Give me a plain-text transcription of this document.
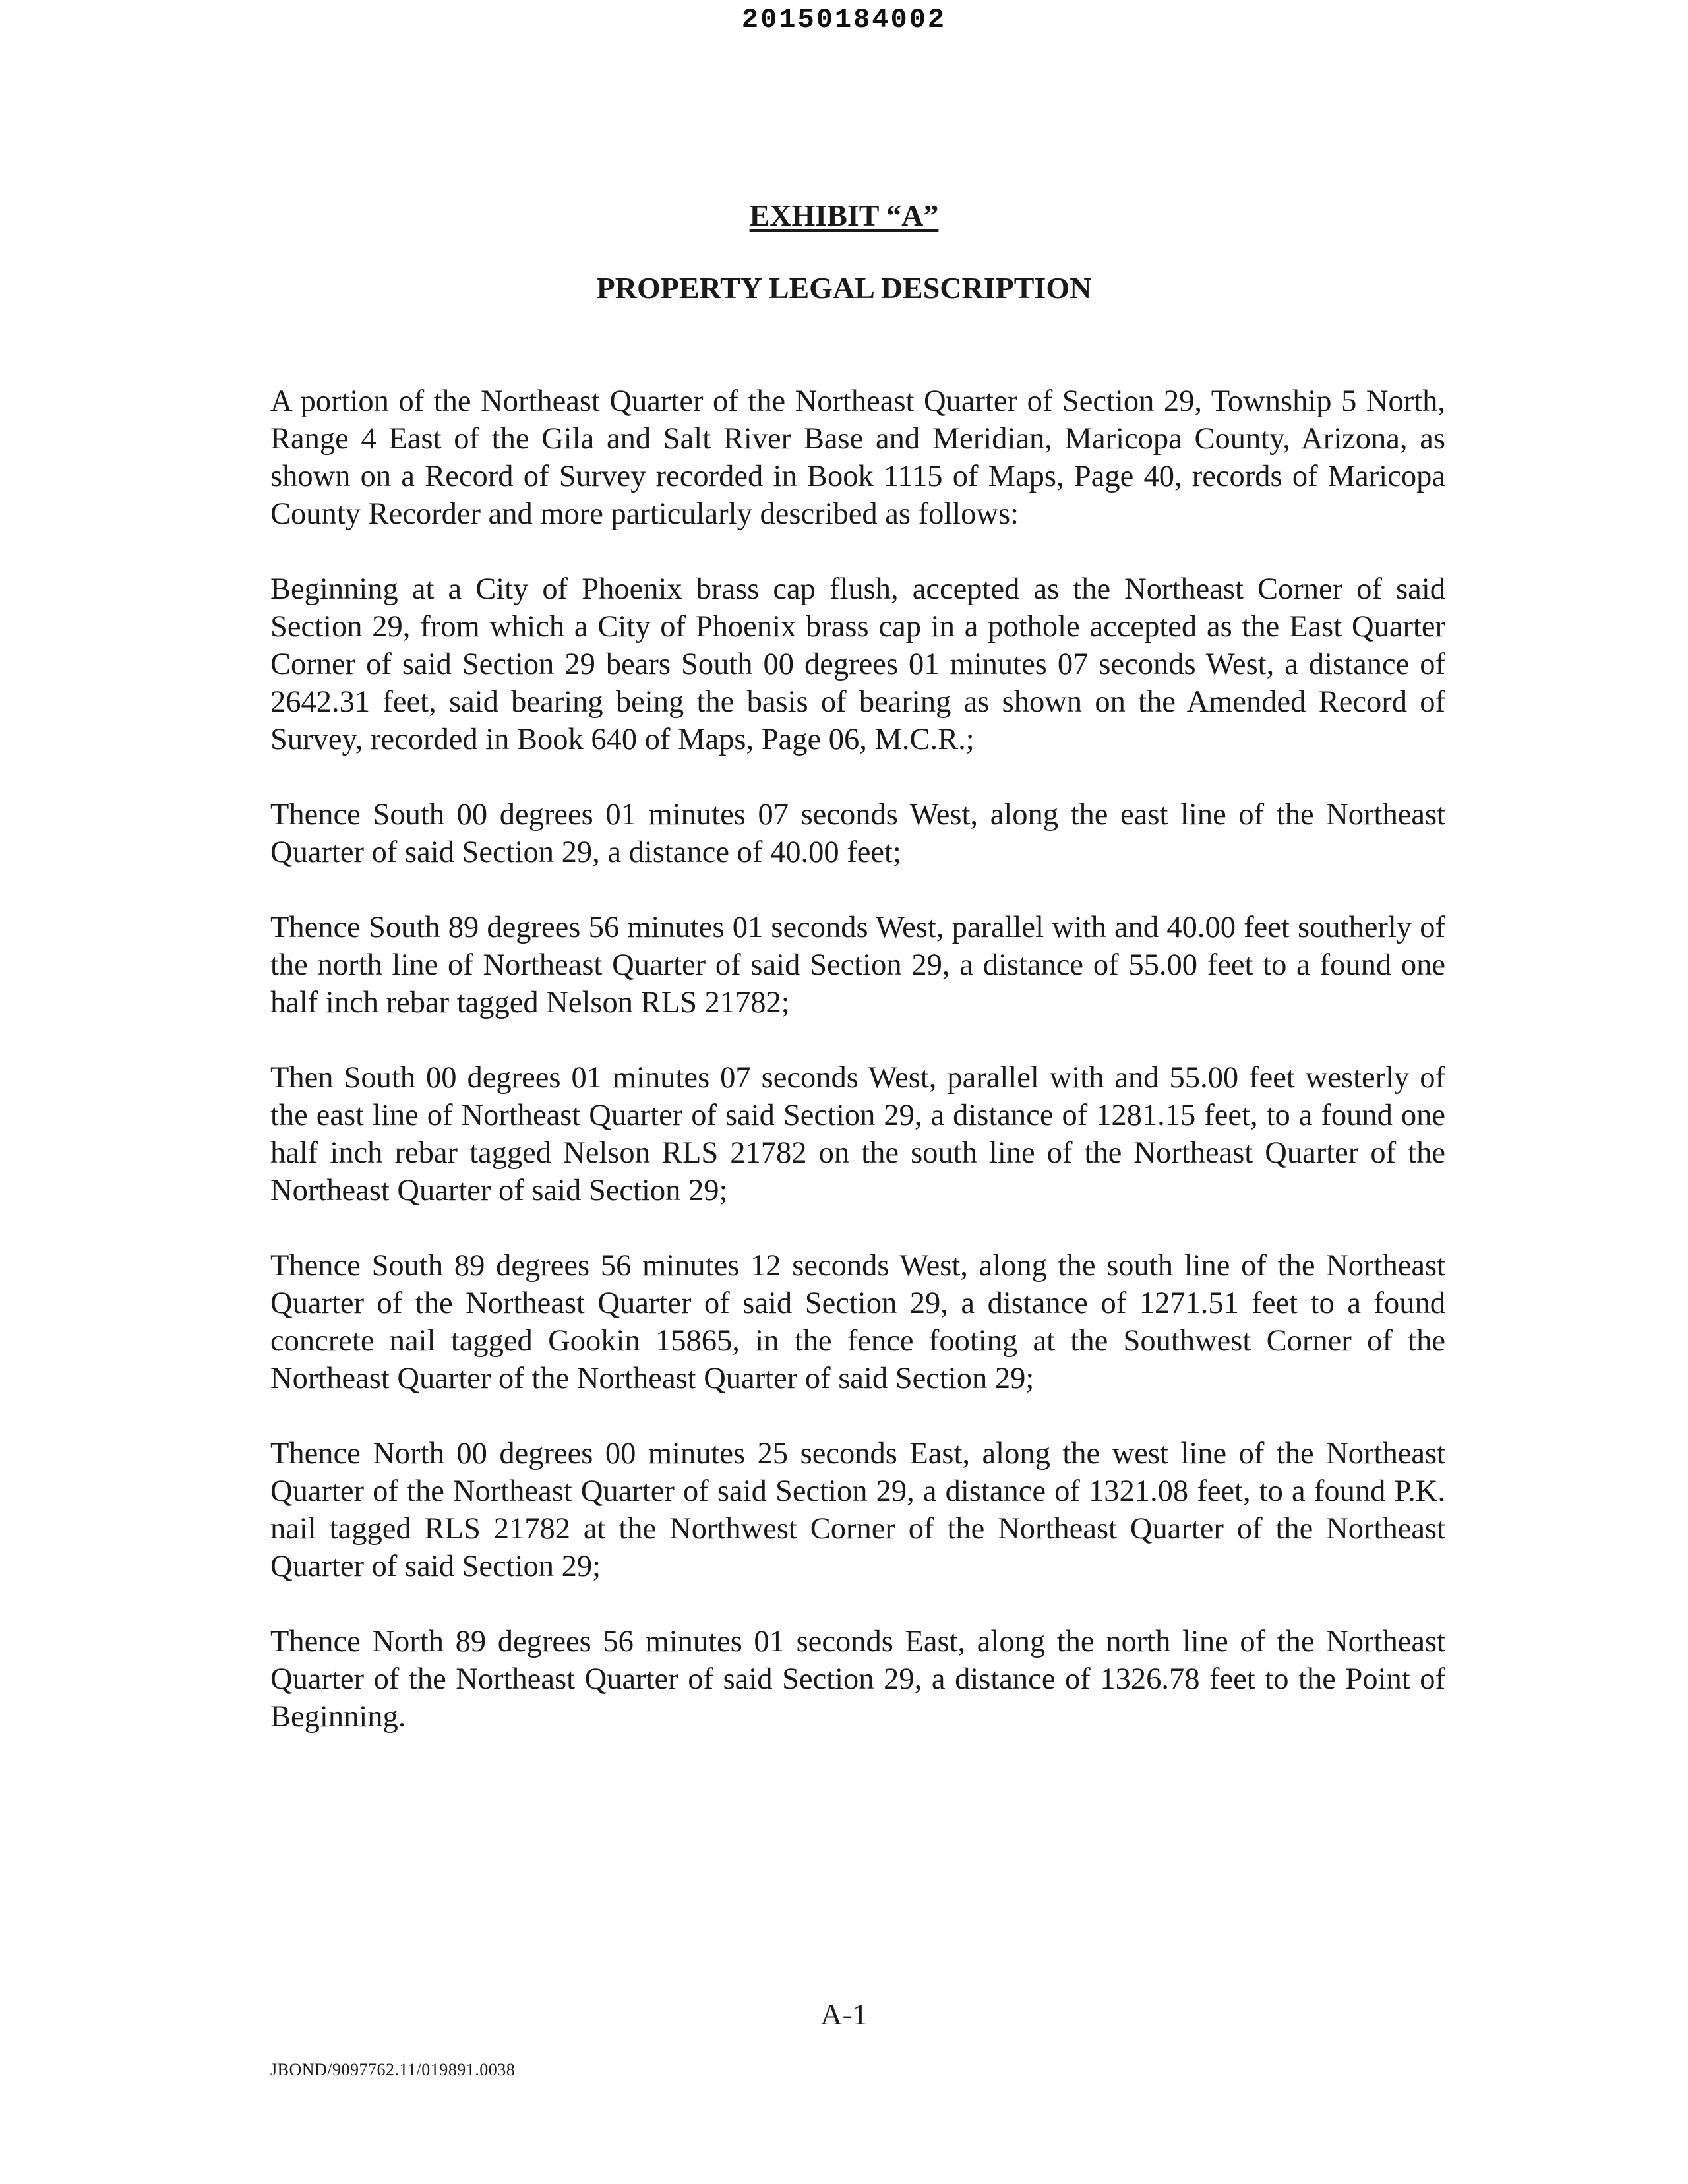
20150184002
EXHIBIT “A”
PROPERTY LEGAL DESCRIPTION

A portion of the Northeast Quarter of the Northeast Quarter of Section 29, Township 5 North, Range 4 East of the Gila and Salt River Base and Meridian, Maricopa County, Arizona, as shown on a Record of Survey recorded in Book 1115 of Maps, Page 40, records of Maricopa County Recorder and more particularly described as follows:

Beginning at a City of Phoenix brass cap flush, accepted as the Northeast Corner of said Section 29, from which a City of Phoenix brass cap in a pothole accepted as the East Quarter Corner of said Section 29 bears South 00 degrees 01 minutes 07 seconds West, a distance of 2642.31 feet, said bearing being the basis of bearing as shown on the Amended Record of Survey, recorded in Book 640 of Maps, Page 06, M.C.R.;

Thence South 00 degrees 01 minutes 07 seconds West, along the east line of the Northeast Quarter of said Section 29, a distance of 40.00 feet;

Thence South 89 degrees 56 minutes 01 seconds West, parallel with and 40.00 feet southerly of the north line of Northeast Quarter of said Section 29, a distance of 55.00 feet to a found one half inch rebar tagged Nelson RLS 21782;

Then South 00 degrees 01 minutes 07 seconds West, parallel with and 55.00 feet westerly of the east line of Northeast Quarter of said Section 29, a distance of 1281.15 feet, to a found one half inch rebar tagged Nelson RLS 21782 on the south line of the Northeast Quarter of the Northeast Quarter of said Section 29;

Thence South 89 degrees 56 minutes 12 seconds West, along the south line of the Northeast Quarter of the Northeast Quarter of said Section 29, a distance of 1271.51 feet to a found concrete nail tagged Gookin 15865, in the fence footing at the Southwest Corner of the Northeast Quarter of the Northeast Quarter of said Section 29;

Thence North 00 degrees 00 minutes 25 seconds East, along the west line of the Northeast Quarter of the Northeast Quarter of said Section 29, a distance of 1321.08 feet, to a found P.K. nail tagged RLS 21782 at the Northwest Corner of the Northeast Quarter of the Northeast Quarter of said Section 29;

Thence North 89 degrees 56 minutes 01 seconds East, along the north line of the Northeast Quarter of the Northeast Quarter of said Section 29, a distance of 1326.78 feet to the Point of Beginning.

A-1
JBOND/9097762.11/019891.0038
